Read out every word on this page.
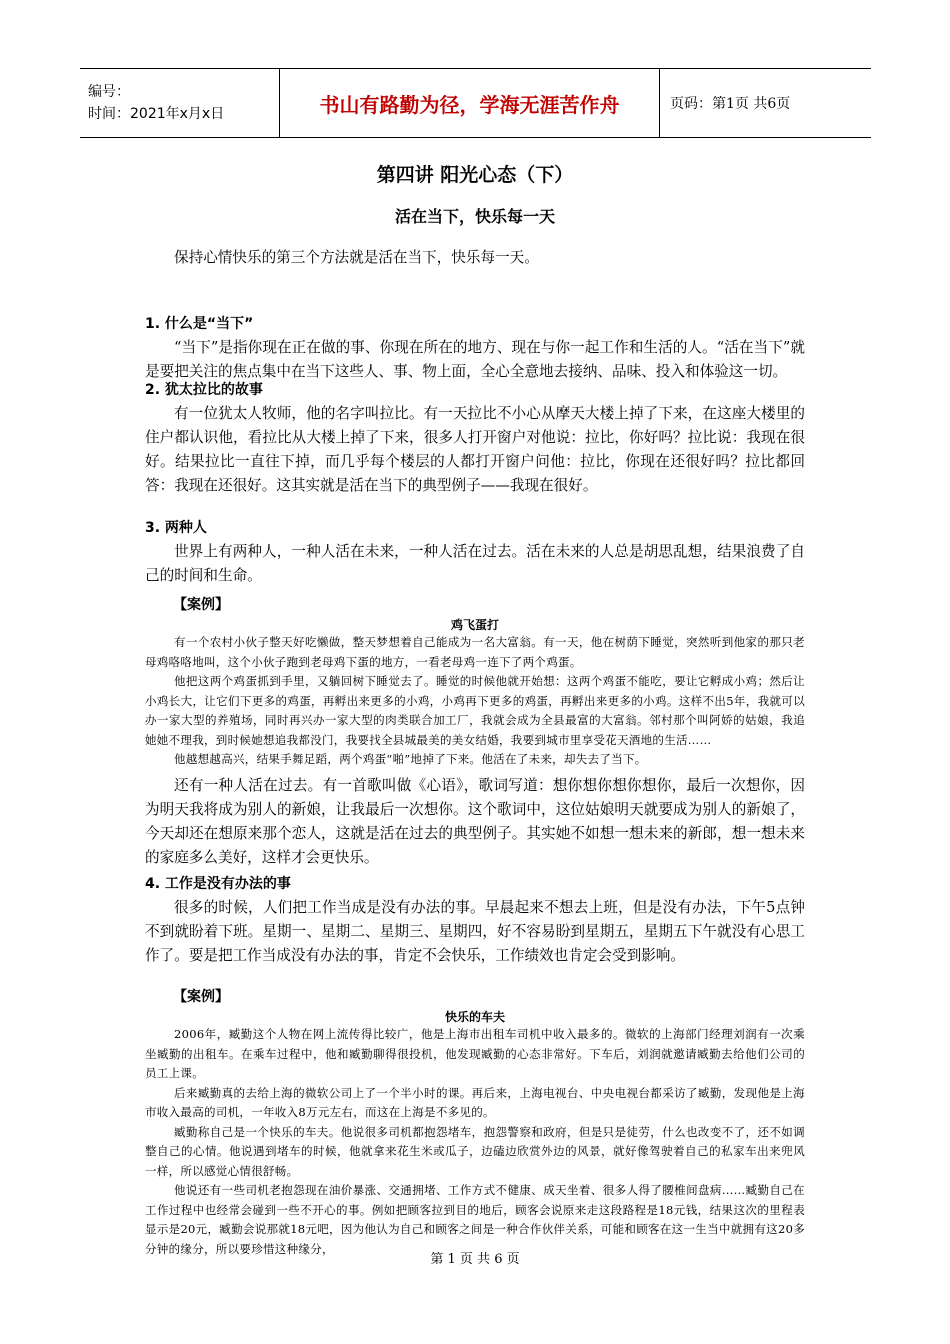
编号：
时间：2021年x月x日	书山有路勤为径，学海无涯苦作舟	页码：第1页 共6页
第四讲 阳光心态（下）
活在当下，快乐每一天

保持心情快乐的第三个方法就是活在当下，快乐每一天。

1. 什么是“当下”

“当下”是指你现在正在做的事、你现在所在的地方、现在与你一起工作和生活的人。“活在当下”就是要把关注的焦点集中在当下这些人、事、物上面，全心全意地去接纳、品味、投入和体验这一切。

2. 犹太拉比的故事

有一位犹太人牧师，他的名字叫拉比。有一天拉比不小心从摩天大楼上掉了下来，在这座大楼里的住户都认识他，看拉比从大楼上掉了下来，很多人打开窗户对他说：拉比，你好吗？拉比说：我现在很好。结果拉比一直往下掉，而几乎每个楼层的人都打开窗户问他：拉比，你现在还很好吗？拉比都回答：我现在还很好。这其实就是活在当下的典型例子——我现在很好。

3. 两种人

世界上有两种人，一种人活在未来，一种人活在过去。活在未来的人总是胡思乱想，结果浪费了自己的时间和生命。

【案例】

鸡飞蛋打

有一个农村小伙子整天好吃懒做，整天梦想着自己能成为一名大富翁。有一天，他在树荫下睡觉，突然听到他家的那只老母鸡咯咯地叫，这个小伙子跑到老母鸡下蛋的地方，一看老母鸡一连下了两个鸡蛋。

他把这两个鸡蛋抓到手里，又躺回树下睡觉去了。睡觉的时候他就开始想：这两个鸡蛋不能吃，要让它孵成小鸡；然后让小鸡长大，让它们下更多的鸡蛋，再孵出来更多的小鸡，小鸡再下更多的鸡蛋，再孵出来更多的小鸡。这样不出5年，我就可以办一家大型的养殖场，同时再兴办一家大型的肉类联合加工厂，我就会成为全县最富的大富翁。邻村那个叫阿娇的姑娘，我追她她不理我，到时候她想追我都没门，我要找全县城最美的美女结婚，我要到城市里享受花天酒地的生活……

他越想越高兴，结果手舞足蹈，两个鸡蛋“啪”地掉了下来。他活在了未来，却失去了当下。

还有一种人活在过去。有一首歌叫做《心语》，歌词写道：想你想你想你想你，最后一次想你，因为明天我将成为别人的新娘，让我最后一次想你。这个歌词中，这位姑娘明天就要成为别人的新娘了，今天却还在想原来那个恋人，这就是活在过去的典型例子。其实她不如想一想未来的新郎，想一想未来的家庭多么美好，这样才会更快乐。

4. 工作是没有办法的事

很多的时候，人们把工作当成是没有办法的事。早晨起来不想去上班，但是没有办法，下午5点钟不到就盼着下班。星期一、星期二、星期三、星期四，好不容易盼到星期五，星期五下午就没有心思工作了。要是把工作当成没有办法的事，肯定不会快乐，工作绩效也肯定会受到影响。

【案例】

快乐的车夫

2006年，臧勤这个人物在网上流传得比较广，他是上海市出租车司机中收入最多的。微软的上海部门经理刘润有一次乘坐臧勤的出租车。在乘车过程中，他和臧勤聊得很投机，他发现臧勤的心态非常好。下车后，刘润就邀请臧勤去给他们公司的员工上课。

后来臧勤真的去给上海的微软公司上了一个半小时的课。再后来，上海电视台、中央电视台都采访了臧勤，发现他是上海市收入最高的司机，一年收入8万元左右，而这在上海是不多见的。

臧勤称自己是一个快乐的车夫。他说很多司机都抱怨堵车，抱怨警察和政府，但是只是徒劳，什么也改变不了，还不如调整自己的心情。他说遇到堵车的时候，他就拿来花生米或瓜子，边磕边欣赏外边的风景，就好像驾驶着自己的私家车出来兜风一样，所以感觉心情很舒畅。

他说还有一些司机老抱怨现在油价暴涨、交通拥堵、工作方式不健康、成天坐着、很多人得了腰椎间盘病……臧勤自己在工作过程中也经常会碰到一些不开心的事。例如把顾客拉到目的地后，顾客会说原来走这段路程是18元钱，结果这次的里程表显示是20元，臧勤会说那就18元吧，因为他认为自己和顾客之间是一种合作伙伴关系，可能和顾客在这一生当中就拥有这20多分钟的缘分，所以要珍惜这种缘分，

第 1 页 共 6 页
